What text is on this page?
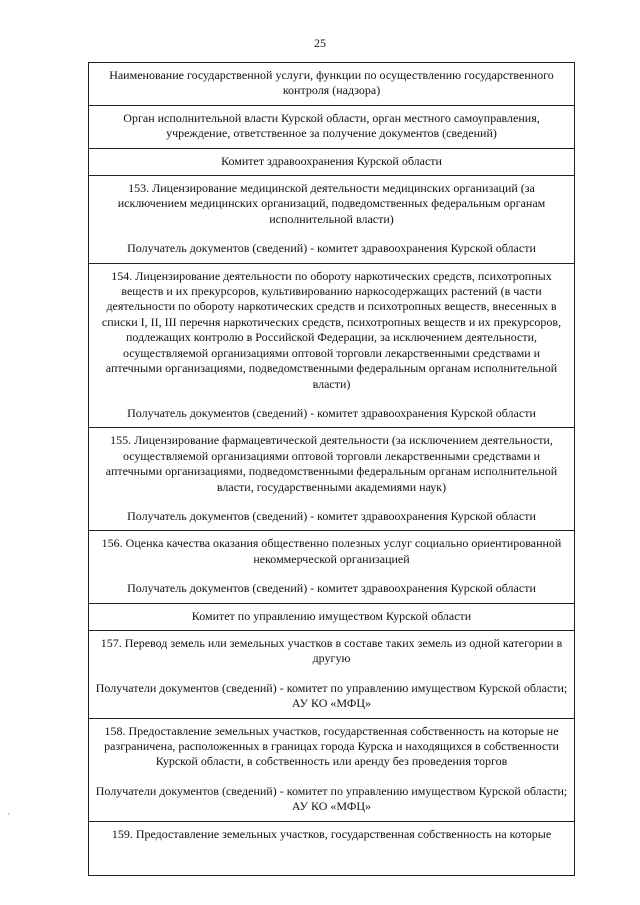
25

Наименование государственной услуги, функции по осуществлению государственного контроля (надзора)

Орган исполнительной власти Курской области, орган местного самоуправления, учреждение, ответственное за получение документов (сведений)

Комитет здравоохранения Курской области

153. Лицензирование медицинской деятельности медицинских организаций (за исключением медицинских организаций, подведомственных федеральным органам исполнительной власти)

Получатель документов (сведений) - комитет здравоохранения Курской области

154. Лицензирование деятельности по обороту наркотических средств, психотропных веществ и их прекурсоров, культивированию наркосодержащих растений (в части деятельности по обороту наркотических средств и психотропных веществ, внесенных в списки I, II, III перечня наркотических средств, психотропных веществ и их прекурсоров, подлежащих контролю в Российской Федерации, за исключением деятельности, осуществляемой организациями оптовой торговли лекарственными средствами и аптечными организациями, подведомственными федеральным органам исполнительной власти)

Получатель документов (сведений) - комитет здравоохранения Курской области

155. Лицензирование фармацевтической деятельности (за исключением деятельности, осуществляемой организациями оптовой торговли лекарственными средствами и аптечными организациями, подведомственными федеральным органам исполнительной власти, государственными академиями наук)

Получатель документов (сведений) - комитет здравоохранения Курской области

156. Оценка качества оказания общественно полезных услуг социально ориентированной некоммерческой организацией

Получатель документов (сведений) - комитет здравоохранения Курской области

Комитет по управлению имуществом Курской области

157. Перевод земель или земельных участков в составе таких земель из одной категории в другую

Получатели документов (сведений) - комитет по управлению имуществом Курской области; АУ КО «МФЦ»

158. Предоставление земельных участков, государственная собственность на которые не разграничена, расположенных в границах города Курска и находящихся в собственности Курской области, в собственность или аренду без проведения торгов

Получатели документов (сведений) - комитет по управлению имуществом Курской области; АУ КО «МФЦ»

159. Предоставление земельных участков, государственная собственность на которые

'
